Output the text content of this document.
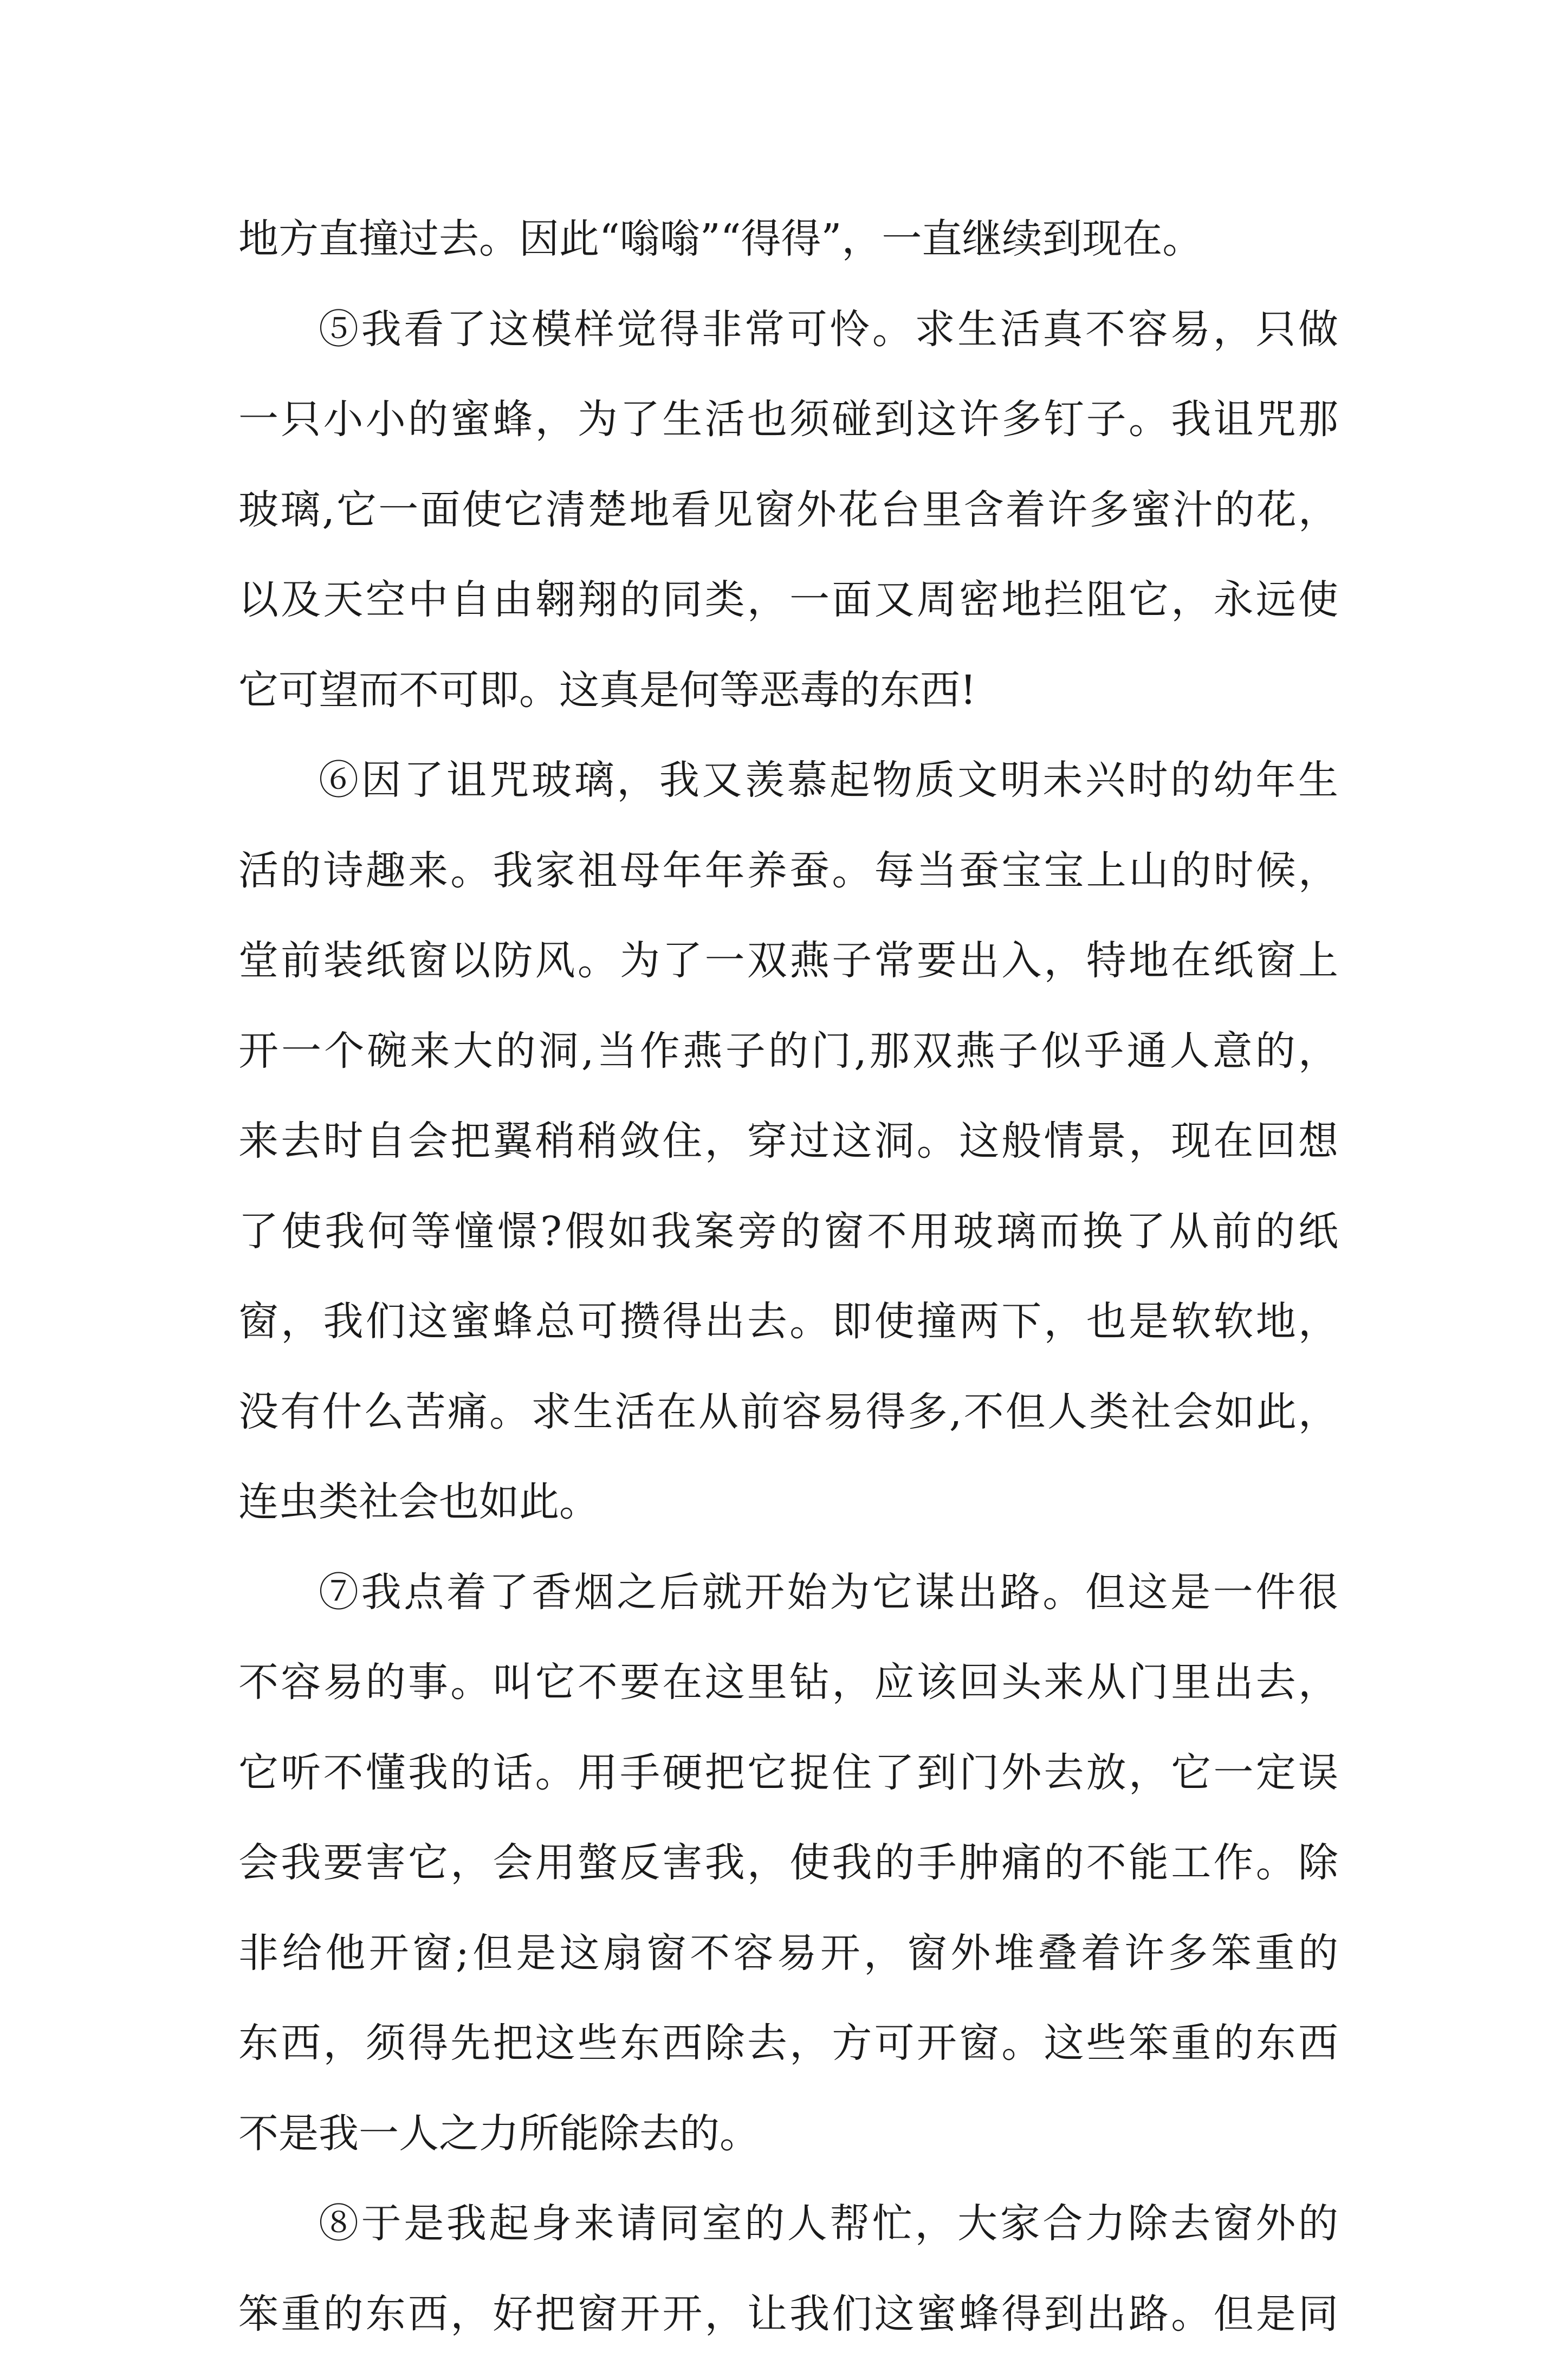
地方直撞过去。因此“嗡嗡”“得得”，一直继续到现在。
⑤我看了这模样觉得非常可怜。求生活真不容易，只做
一只小小的蜜蜂，为了生活也须碰到这许多钉子。我诅咒那
玻璃,它一面使它清楚地看见窗外花台里含着许多蜜汁的花，
以及天空中自由翱翔的同类，一面又周密地拦阻它，永远使
它可望而不可即。这真是何等恶毒的东西!
⑥因了诅咒玻璃，我又羡慕起物质文明未兴时的幼年生
活的诗趣来。我家祖母年年养蚕。每当蚕宝宝上山的时候，
堂前装纸窗以防风。为了一双燕子常要出入，特地在纸窗上
开一个碗来大的洞,当作燕子的门,那双燕子似乎通人意的，
来去时自会把翼稍稍敛住，穿过这洞。这般情景，现在回想
了使我何等憧憬?假如我案旁的窗不用玻璃而换了从前的纸
窗，我们这蜜蜂总可攒得出去。即使撞两下，也是软软地，
没有什么苦痛。求生活在从前容易得多,不但人类社会如此，
连虫类社会也如此。
⑦我点着了香烟之后就开始为它谋出路。但这是一件很
不容易的事。叫它不要在这里钻，应该回头来从门里出去，
它听不懂我的话。用手硬把它捉住了到门外去放，它一定误
会我要害它，会用螫反害我，使我的手肿痛的不能工作。除
非给他开窗;但是这扇窗不容易开，窗外堆叠着许多笨重的
东西，须得先把这些东西除去，方可开窗。这些笨重的东西
不是我一人之力所能除去的。
⑧于是我起身来请同室的人帮忙，大家合力除去窗外的
笨重的东西，好把窗开开，让我们这蜜蜂得到出路。但是同
